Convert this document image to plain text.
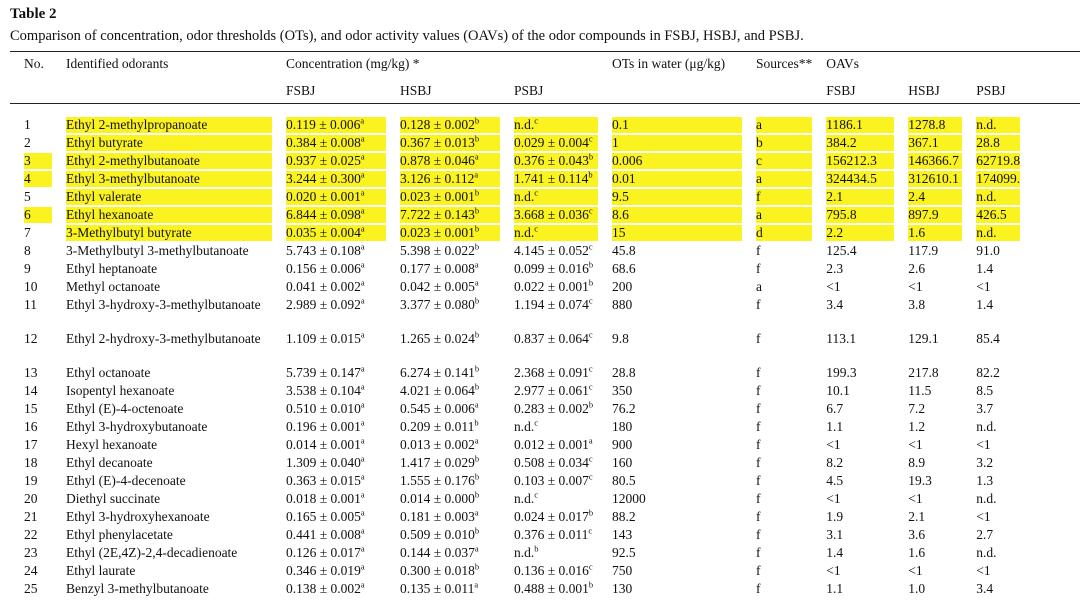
Table 2
Comparison of concentration, odor thresholds (OTs), and odor activity values (OAVs) of the odor compounds in FSBJ, HSBJ, and PSBJ.
No.	Identified odorants	Concentration (mg/kg) *			OTs in water (μg/kg)	Sources**	OAVs		
		FSBJ	HSBJ	PSBJ			FSBJ	HSBJ	PSBJ
1	Ethyl 2-methylpropanoate	0.119 ± 0.006$^a$	0.128 ± 0.002$^b$	n.d.$^c$	0.1	a	1186.1	1278.8	n.d.
2	Ethyl butyrate	0.384 ± 0.008$^a$	0.367 ± 0.013$^b$	0.029 ± 0.004$^c$	1	b	384.2	367.1	28.8
3	Ethyl 2-methylbutanoate	0.937 ± 0.025$^a$	0.878 ± 0.046$^a$	0.376 ± 0.043$^b$	0.006	c	156212.3	146366.7	62719.8
4	Ethyl 3-methylbutanoate	3.244 ± 0.300$^a$	3.126 ± 0.112$^a$	1.741 ± 0.114$^b$	0.01	a	324434.5	312610.1	174099.
5	Ethyl valerate	0.020 ± 0.001$^a$	0.023 ± 0.001$^b$	n.d.$^c$	9.5	f	2.1	2.4	n.d.
6	Ethyl hexanoate	6.844 ± 0.098$^a$	7.722 ± 0.143$^b$	3.668 ± 0.036$^c$	8.6	a	795.8	897.9	426.5
7	3-Methylbutyl butyrate	0.035 ± 0.004$^a$	0.023 ± 0.001$^b$	n.d.$^c$	15	d	2.2	1.6	n.d.
8	3-Methylbutyl 3-methylbutanoate	5.743 ± 0.108$^a$	5.398 ± 0.022$^b$	4.145 ± 0.052$^c$	45.8	f	125.4	117.9	91.0
9	Ethyl heptanoate	0.156 ± 0.006$^a$	0.177 ± 0.008$^a$	0.099 ± 0.016$^b$	68.6	f	2.3	2.6	1.4
10	Methyl octanoate	0.041 ± 0.002$^a$	0.042 ± 0.005$^a$	0.022 ± 0.001$^b$	200	a	<1	<1	<1
11	Ethyl 3-hydroxy-3-methylbutanoate	2.989 ± 0.092$^a$	3.377 ± 0.080$^b$	1.194 ± 0.074$^c$	880	f	3.4	3.8	1.4
12	Ethyl 2-hydroxy-3-methylbutanoate	1.109 ± 0.015$^a$	1.265 ± 0.024$^b$	0.837 ± 0.064$^c$	9.8	f	113.1	129.1	85.4
13	Ethyl octanoate	5.739 ± 0.147$^a$	6.274 ± 0.141$^b$	2.368 ± 0.091$^c$	28.8	f	199.3	217.8	82.2
14	Isopentyl hexanoate	3.538 ± 0.104$^a$	4.021 ± 0.064$^b$	2.977 ± 0.061$^c$	350	f	10.1	11.5	8.5
15	Ethyl (E)-4-octenoate	0.510 ± 0.010$^a$	0.545 ± 0.006$^a$	0.283 ± 0.002$^b$	76.2	f	6.7	7.2	3.7
16	Ethyl 3-hydroxybutanoate	0.196 ± 0.001$^a$	0.209 ± 0.011$^b$	n.d.$^c$	180	f	1.1	1.2	n.d.
17	Hexyl hexanoate	0.014 ± 0.001$^a$	0.013 ± 0.002$^a$	0.012 ± 0.001$^a$	900	f	<1	<1	<1
18	Ethyl decanoate	1.309 ± 0.040$^a$	1.417 ± 0.029$^b$	0.508 ± 0.034$^c$	160	f	8.2	8.9	3.2
19	Ethyl (E)-4-decenoate	0.363 ± 0.015$^a$	1.555 ± 0.176$^b$	0.103 ± 0.007$^c$	80.5	f	4.5	19.3	1.3
20	Diethyl succinate	0.018 ± 0.001$^a$	0.014 ± 0.000$^b$	n.d.$^c$	12000	f	<1	<1	n.d.
21	Ethyl 3-hydroxyhexanoate	0.165 ± 0.005$^a$	0.181 ± 0.003$^a$	0.024 ± 0.017$^b$	88.2	f	1.9	2.1	<1
22	Ethyl phenylacetate	0.441 ± 0.008$^a$	0.509 ± 0.010$^b$	0.376 ± 0.011$^c$	143	f	3.1	3.6	2.7
23	Ethyl (2E,4Z)-2,4-decadienoate	0.126 ± 0.017$^a$	0.144 ± 0.037$^a$	n.d.$^b$	92.5	f	1.4	1.6	n.d.
24	Ethyl laurate	0.346 ± 0.019$^a$	0.300 ± 0.018$^b$	0.136 ± 0.016$^c$	750	f	<1	<1	<1
25	Benzyl 3-methylbutanoate	0.138 ± 0.002$^a$	0.135 ± 0.011$^a$	0.488 ± 0.001$^b$	130	f	1.1	1.0	3.4
